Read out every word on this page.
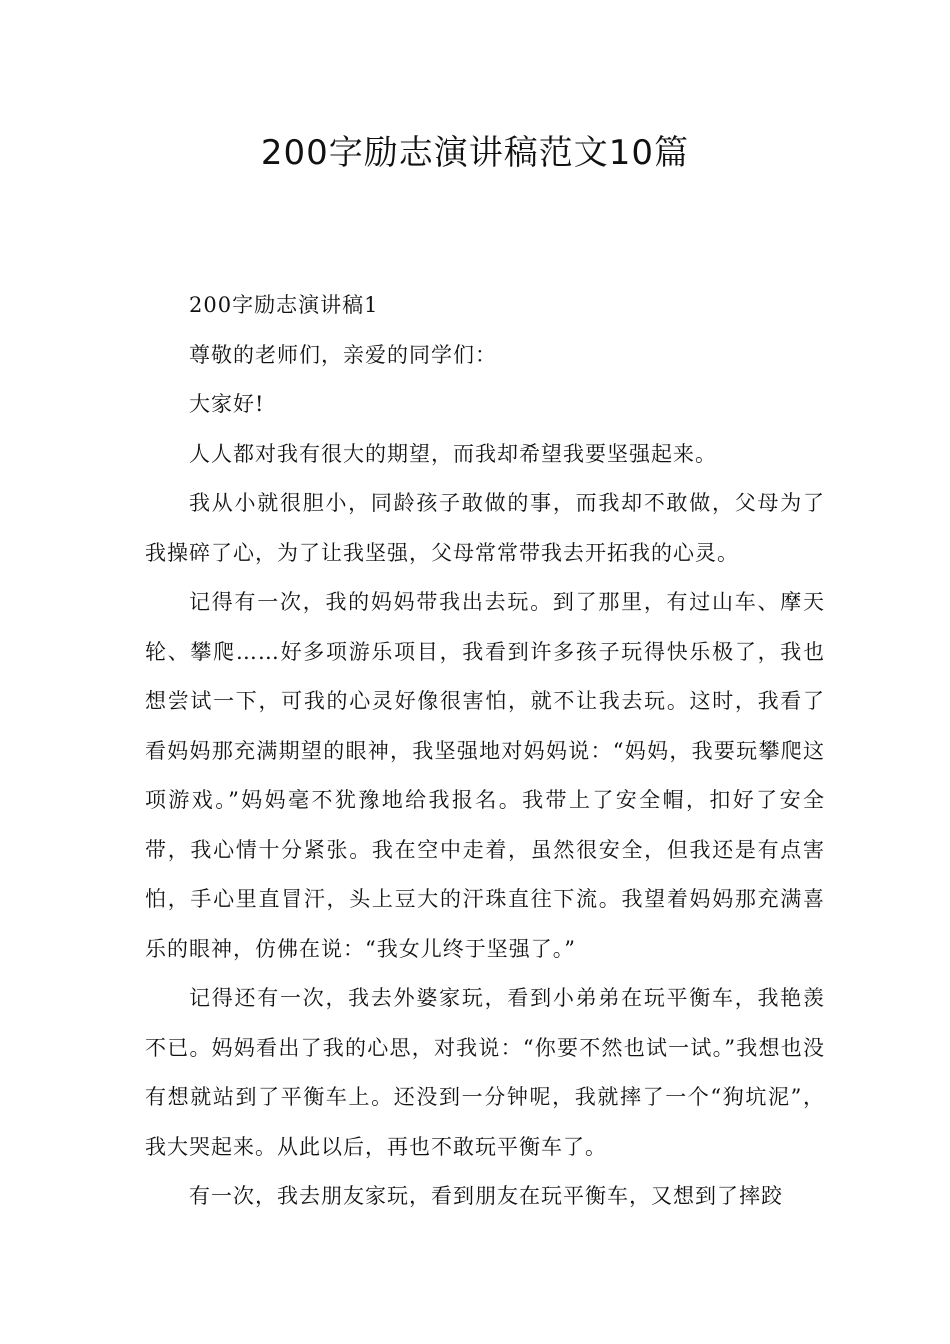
200字励志演讲稿范文10篇

200字励志演讲稿1

尊敬的老师们，亲爱的同学们：

大家好!

人人都对我有很大的期望，而我却希望我要坚强起来。

我从小就很胆小，同龄孩子敢做的事，而我却不敢做，父母为了我操碎了心，为了让我坚强，父母常常带我去开拓我的心灵。

记得有一次，我的妈妈带我出去玩。到了那里，有过山车、摩天轮、攀爬……好多项游乐项目，我看到许多孩子玩得快乐极了，我也想尝试一下，可我的心灵好像很害怕，就不让我去玩。这时，我看了看妈妈那充满期望的眼神，我坚强地对妈妈说：“妈妈，我要玩攀爬这项游戏。”妈妈毫不犹豫地给我报名。我带上了安全帽，扣好了安全带，我心情十分紧张。我在空中走着，虽然很安全，但我还是有点害怕，手心里直冒汗，头上豆大的汗珠直往下流。我望着妈妈那充满喜乐的眼神，仿佛在说：“我女儿终于坚强了。”

记得还有一次，我去外婆家玩，看到小弟弟在玩平衡车，我艳羡不已。妈妈看出了我的心思，对我说：“你要不然也试一试。”我想也没有想就站到了平衡车上。还没到一分钟呢，我就摔了一个“狗坑泥”，我大哭起来。从此以后，再也不敢玩平衡车了。

有一次，我去朋友家玩，看到朋友在玩平衡车，又想到了摔跤
